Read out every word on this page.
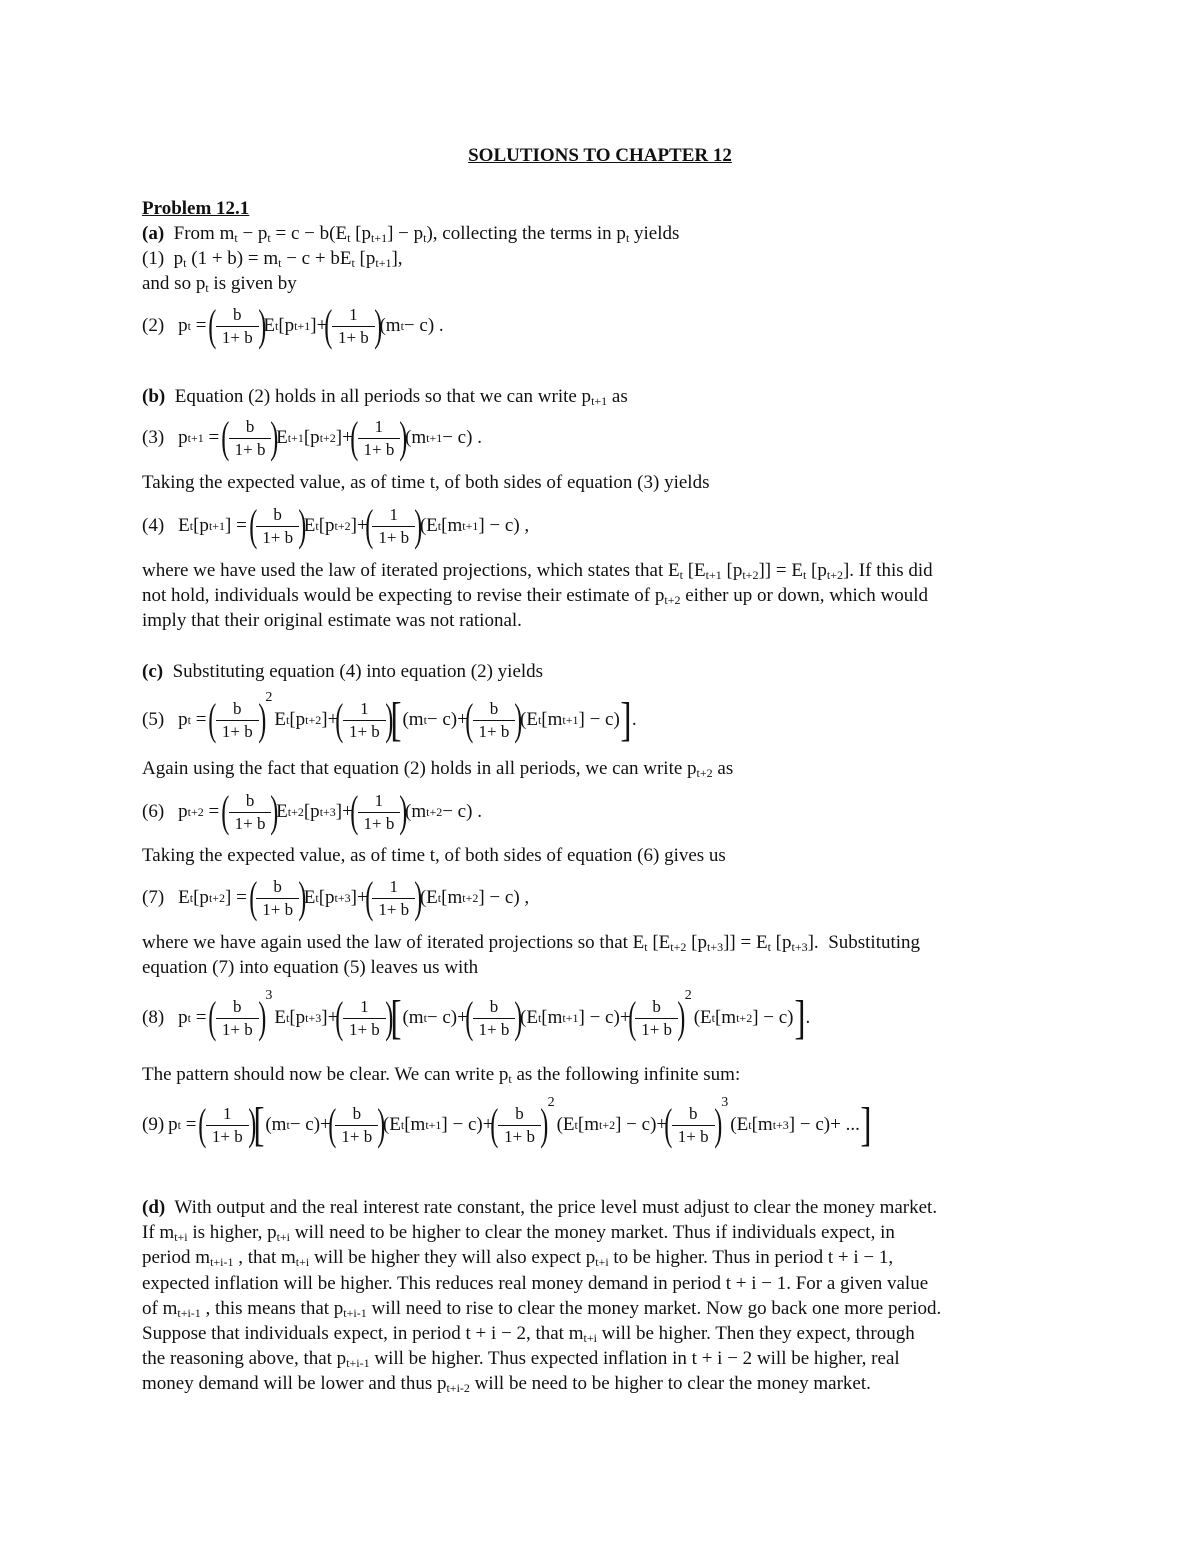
SOLUTIONS TO CHAPTER 12
Problem 12.1
(a) From $m_t - p_t = c - b(E_t$ $[p_{t+1}] - p_t$), collecting the terms in $p_t$ yields
(1)  $p_t$ $(1 + b) = m_t - c + bE_t$ $[p_{t+1}]$,
and so $p_t$ is given by
(2) p t =
( b
1+ b )
E t [p t+1 ]+
( 1
1+ b )
(m t − c) .
(b) Equation (2) holds in all periods so that we can write $p_{t+1}$ as
(3) p t+1 =
( b
1+ b )
E t+1 [p t+2 ]+
( 1
1+ b )
(m t+1 − c) .
Taking the expected value, as of time t, of both sides of equation (3) yields
(4) E t [p t+1 ] =
( b
1+ b )
E t [p t+2 ]+
( 1
1+ b )
(E t [m t+1 ] − c) ,
where we have used the law of iterated projections, which states that $E_t$ [$E_{t+1}$ $[p_{t+2}]] = E_t$ $[p_{t+2}]$. If this did
not hold, individuals would be expecting to revise their estimate of $p_{t+2}$ either up or down, which would
imply that their original estimate was not rational.
(c) Substituting equation (4) into equation (2) yields
(5) p t =
( b
1+ b ) 2
E t [p t+2 ]+
( 1
1+ b )
[ (m t − c)+
( b
1+ b )
(E t [m t+1 ] − c) ] .
Again using the fact that equation (2) holds in all periods, we can write $p_{t+2}$ as
(6) p t+2 =
( b
1+ b )
E t+2 [p t+3 ]+
( 1
1+ b )
(m t+2 − c) .
Taking the expected value, as of time t, of both sides of equation (6) gives us
(7) E t [p t+2 ] =
( b
1+ b )
E t [p t+3 ]+
( 1
1+ b )
(E t [m t+2 ] − c) ,
where we have again used the law of iterated projections so that $E_t$ [$E_{t+2}$ $[p_{t+3}]] = E_t$ $[p_{t+3}]$.  Substituting
equation (7) into equation (5) leaves us with
(8) p t =
( b
1+ b ) 3
E t [p t+3 ]+
( 1
1+ b )
[ (m t − c)+
( b
1+ b )
(E t [m t+1 ] − c)+
( b
1+ b ) 2
(E t [m t+2 ] − c) ] .
The pattern should now be clear. We can write $p_t$ as the following infinite sum:
(9) p t =
( 1
1+ b )
[ (m t − c)+
( b
1+ b )
(E t [m t+1 ] − c)+
( b
1+ b ) 2
(E t [m t+2 ] − c)+
( b
1+ b ) 3
(E t [m t+3 ] − c)+ ... ]
(d) With output and the real interest rate constant, the price level must adjust to clear the money market.
If $m_{t+i}$ is higher, $p_{t+i}$ will need to be higher to clear the money market. Thus if individuals expect, in
period $m_{t+i-1}$ , that $m_{t+i}$ will be higher they will also expect $p_{t+i}$ to be higher. Thus in period t + i − 1,
expected inflation will be higher. This reduces real money demand in period t + i − 1. For a given value
of $m_{t+i-1}$ , this means that $p_{t+i-1}$ will need to rise to clear the money market. Now go back one more period.
Suppose that individuals expect, in period t + i − 2, that $m_{t+i}$ will be higher. Then they expect, through
the reasoning above, that $p_{t+i-1}$ will be higher. Thus expected inflation in t + i − 2 will be higher, real
money demand will be lower and thus $p_{t+i-2}$ will be need to be higher to clear the money market.
